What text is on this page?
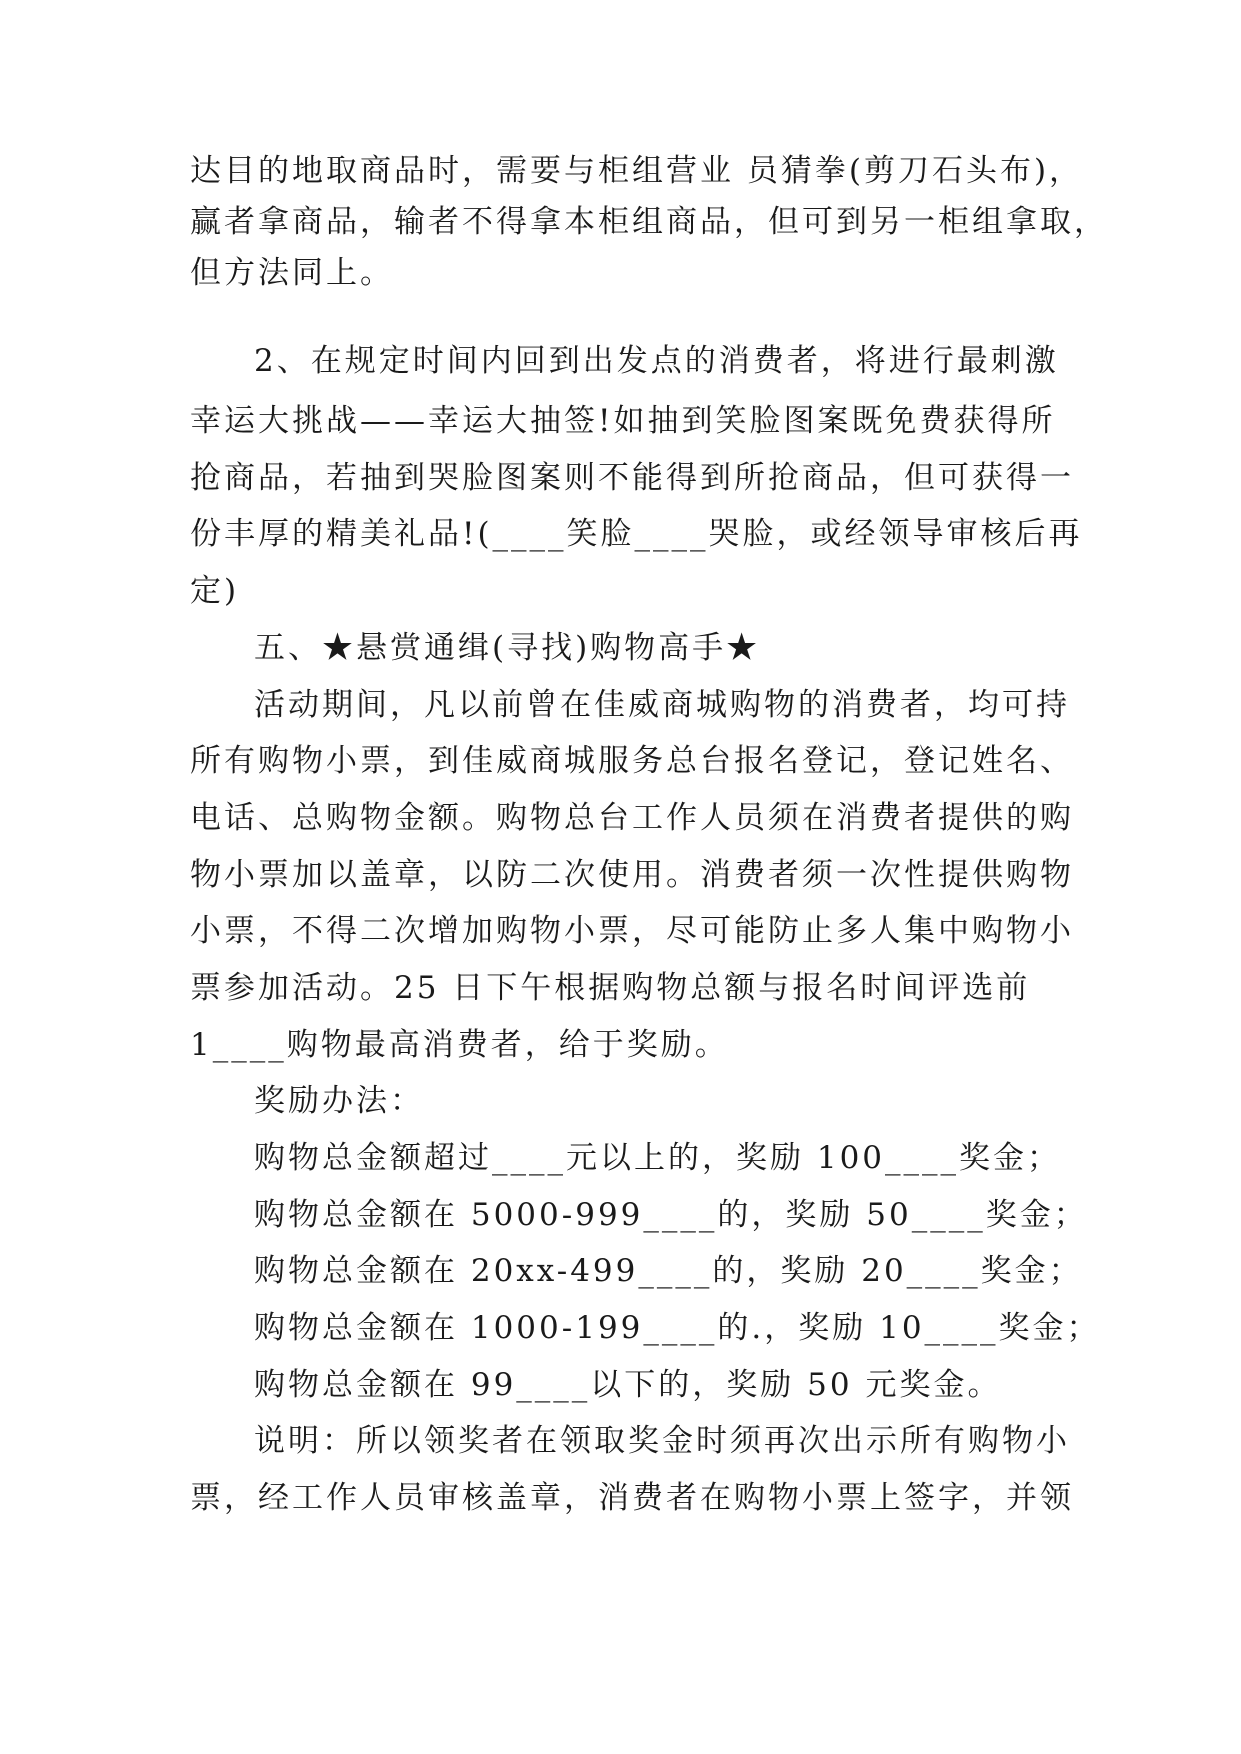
达目的地取商品时，需要与柜组营业 员猜拳(剪刀石头布)，
赢者拿商品，输者不得拿本柜组商品，但可到另一柜组拿取，
但方法同上。
2、在规定时间内回到出发点的消费者，将进行最刺激
幸运大挑战——幸运大抽签!如抽到笑脸图案既免费获得所
抢商品，若抽到哭脸图案则不能得到所抢商品，但可获得一
份丰厚的精美礼品!(____笑脸____哭脸，或经领导审核后再
定)
五、★悬赏通缉(寻找)购物高手★
活动期间，凡以前曾在佳威商城购物的消费者，均可持
所有购物小票，到佳威商城服务总台报名登记，登记姓名、
电话、总购物金额。购物总台工作人员须在消费者提供的购
物小票加以盖章，以防二次使用。消费者须一次性提供购物
小票，不得二次增加购物小票，尽可能防止多人集中购物小
票参加活动。25 日下午根据购物总额与报名时间评选前
1____购物最高消费者，给于奖励。
奖励办法：
购物总金额超过____元以上的，奖励 100____奖金；
购物总金额在 5000-999____的，奖励 50____奖金；
购物总金额在 20xx-499____的，奖励 20____奖金；
购物总金额在 1000-199____的.，奖励 10____奖金；
购物总金额在 99____以下的，奖励 50 元奖金。
说明：所以领奖者在领取奖金时须再次出示所有购物小
票，经工作人员审核盖章，消费者在购物小票上签字，并领
